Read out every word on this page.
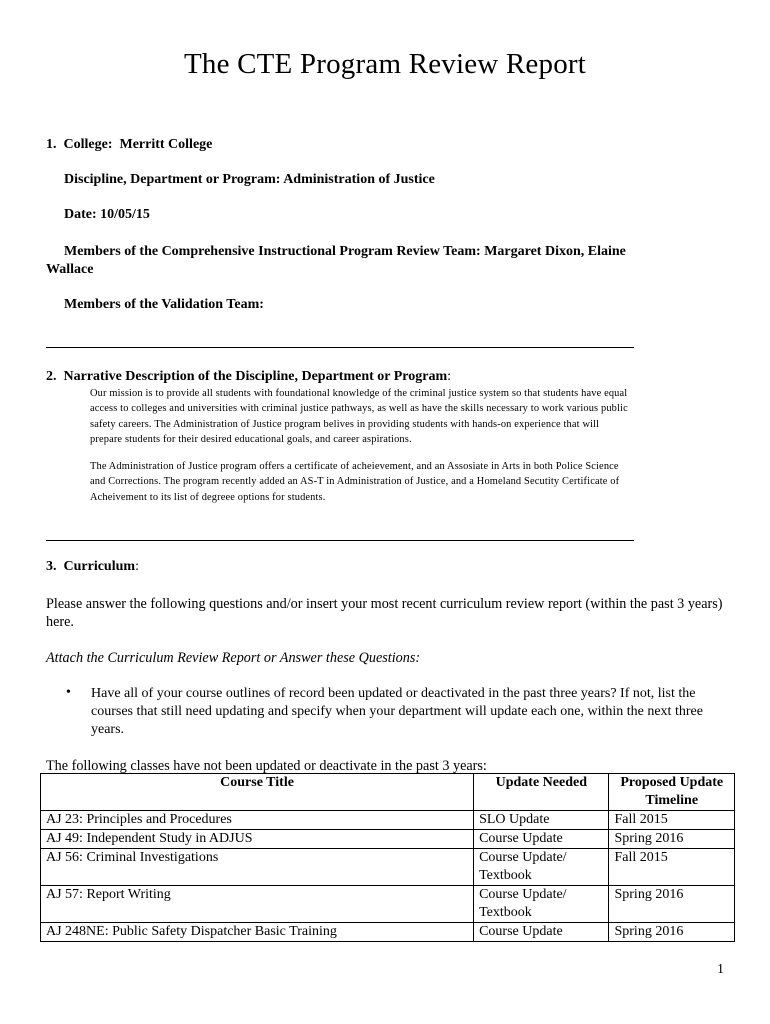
The CTE Program Review Report
1. College: Merritt College
Discipline, Department or Program: Administration of Justice
Date: 10/05/15
Members of the Comprehensive Instructional Program Review Team: Margaret Dixon, Elaine
Wallace
Members of the Validation Team:
2. Narrative Description of the Discipline, Department or Program:
Our mission is to provide all students with foundational knowledge of the criminal justice system so that students have equal
access to colleges and universities with criminal justice pathways, as well as have the skills necessary to work various public
safety careers. The Administration of Justice program belives in providing students with hands-on experience that will
prepare students for their desired educational goals, and career aspirations.
The Administration of Justice program offers a certificate of acheievement, and an Assosiate in Arts in both Police Science
and Corrections. The program recently added an AS-T in Administration of Justice, and a Homeland Secutity Certificate of
Acheivement to its list of degreee options for students.
3. Curriculum:
Please answer the following questions and/or insert your most recent curriculum review report (within the past 3 years) here.
Attach the Curriculum Review Report or Answer these Questions:
• Have all of your course outlines of record been updated or deactivated in the past three years? If not, list the courses that still need updating and specify when your department will update each one, within the next three years.
The following classes have not been updated or deactivate in the past 3 years:
Course Title	Update Needed	Proposed Update Timeline
AJ 23: Principles and Procedures	SLO Update	Fall 2015
AJ 49: Independent Study in ADJUS	Course Update	Spring 2016
AJ 56: Criminal Investigations	Course Update/ Textbook	Fall 2015
AJ 57: Report Writing	Course Update/ Textbook	Spring 2016
AJ 248NE: Public Safety Dispatcher Basic Training	Course Update	Spring 2016
1
